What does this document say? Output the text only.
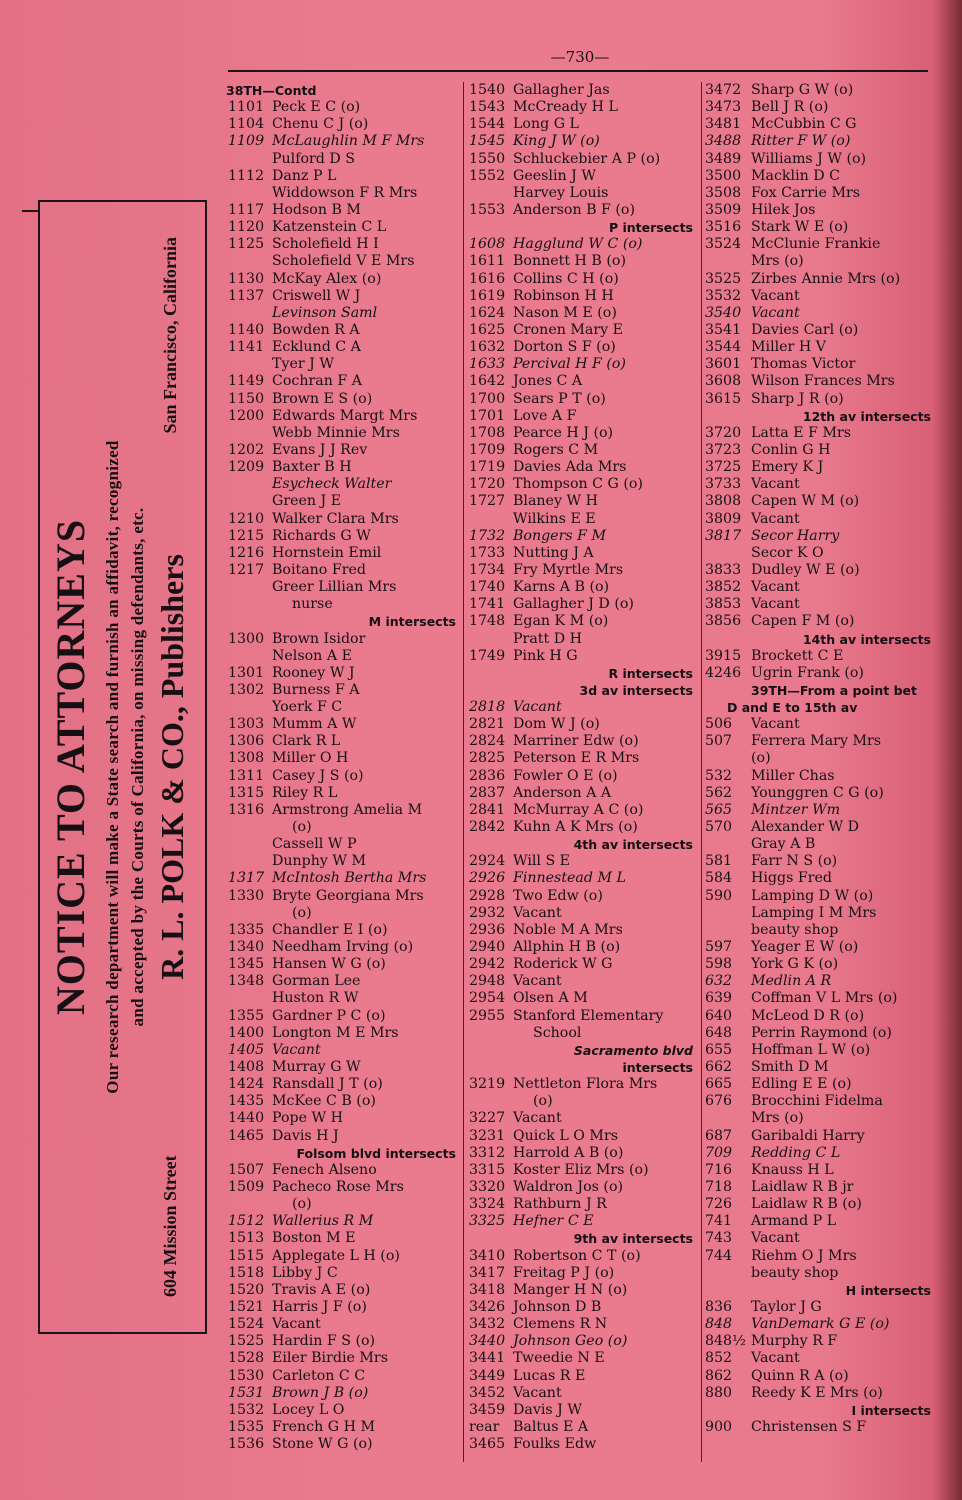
—730—
NOTICE TO ATTORNEYS Our research department will make a State search and furnish an affidavit, recognized and accepted by the Courts of California, on missing defendants, etc.
604 Mission Street
R. L. POLK & CO., Publishers
San Francisco, California
38TH—Contd
1101 Peck E C (o)
1104 Chenu C J (o)
1109 McLaughlin M F Mrs
Pulford D S
1112 Danz P L
Widdowson F R Mrs
1117 Hodson B M
1120 Katzenstein C L
1125 Scholefield H I
Scholefield V E Mrs
1130 McKay Alex (o)
1137 Criswell W J
Levinson Saml
1140 Bowden R A
1141 Ecklund C A
Tyer J W
1149 Cochran F A
1150 Brown E S (o)
1200 Edwards Margt Mrs
Webb Minnie Mrs
1202 Evans J J Rev
1209 Baxter B H
Esycheck Walter
Green J E
1210 Walker Clara Mrs
1215 Richards G W
1216 Hornstein Emil
1217 Boitano Fred
Greer Lillian Mrs
nurse
M intersects
1300 Brown Isidor
Nelson A E
1301 Rooney W J
1302 Burness F A
Yoerk F C
1303 Mumm A W
1306 Clark R L
1308 Miller O H
1311 Casey J S (o)
1315 Riley R L
1316 Armstrong Amelia M
(o)
Cassell W P
Dunphy W M
1317 McIntosh Bertha Mrs
1330 Bryte Georgiana Mrs
(o)
1335 Chandler E I (o)
1340 Needham Irving (o)
1345 Hansen W G (o)
1348 Gorman Lee
Huston R W
1355 Gardner P C (o)
1400 Longton M E Mrs
1405 Vacant
1408 Murray G W
1424 Ransdall J T (o)
1435 McKee C B (o)
1440 Pope W H
1465 Davis H J
Folsom blvd intersects
1507 Fenech Alseno
1509 Pacheco Rose Mrs
(o)
1512 Wallerius R M
1513 Boston M E
1515 Applegate L H (o)
1518 Libby J C
1520 Travis A E (o)
1521 Harris J F (o)
1524 Vacant
1525 Hardin F S (o)
1528 Eiler Birdie Mrs
1530 Carleton C C
1531 Brown J B (o)
1532 Locey L O
1535 French G H M
1536 Stone W G (o)
1540 Gallagher Jas
1543 McCready H L
1544 Long G L
1545 King J W (o)
1550 Schluckebier A P (o)
1552 Geeslin J W
Harvey Louis
1553 Anderson B F (o)
P intersects
1608 Hagglund W C (o)
1611 Bonnett H B (o)
1616 Collins C H (o)
1619 Robinson H H
1624 Nason M E (o)
1625 Cronen Mary E
1632 Dorton S F (o)
1633 Percival H F (o)
1642 Jones C A
1700 Sears P T (o)
1701 Love A F
1708 Pearce H J (o)
1709 Rogers C M
1719 Davies Ada Mrs
1720 Thompson C G (o)
1727 Blaney W H
Wilkins E E
1732 Bongers F M
1733 Nutting J A
1734 Fry Myrtle Mrs
1740 Karns A B (o)
1741 Gallagher J D (o)
1748 Egan K M (o)
Pratt D H
1749 Pink H G
R intersects
3d av intersects
2818 Vacant
2821 Dom W J (o)
2824 Marriner Edw (o)
2825 Peterson E R Mrs
2836 Fowler O E (o)
2837 Anderson A A
2841 McMurray A C (o)
2842 Kuhn A K Mrs (o)
4th av intersects
2924 Will S E
2926 Finnestead M L
2928 Two Edw (o)
2932 Vacant
2936 Noble M A Mrs
2940 Allphin H B (o)
2942 Roderick W G
2948 Vacant
2954 Olsen A M
2955 Stanford Elementary
School
Sacramento blvd
intersects
3219 Nettleton Flora Mrs
(o)
3227 Vacant
3231 Quick L O Mrs
3312 Harrold A B (o)
3315 Koster Eliz Mrs (o)
3320 Waldron Jos (o)
3324 Rathburn J R
3325 Hefner C E
9th av intersects
3410 Robertson C T (o)
3417 Freitag P J (o)
3418 Manger H N (o)
3426 Johnson D B
3432 Clemens R N
3440 Johnson Geo (o)
3441 Tweedie N E
3449 Lucas R E
3452 Vacant
3459 Davis J W
rear Baltus E A
3465 Foulks Edw
3472 Sharp G W (o)
3473 Bell J R (o)
3481 McCubbin C G
3488 Ritter F W (o)
3489 Williams J W (o)
3500 Macklin D C
3508 Fox Carrie Mrs
3509 Hilek Jos
3516 Stark W E (o)
3524 McClunie Frankie
Mrs (o)
3525 Zirbes Annie Mrs (o)
3532 Vacant
3540 Vacant
3541 Davies Carl (o)
3544 Miller H V
3601 Thomas Victor
3608 Wilson Frances Mrs
3615 Sharp J R (o)
12th av intersects
3720 Latta E F Mrs
3723 Conlin G H
3725 Emery K J
3733 Vacant
3808 Capen W M (o)
3809 Vacant
3817 Secor Harry
Secor K O
3833 Dudley W E (o)
3852 Vacant
3853 Vacant
3856 Capen F M (o)
14th av intersects
3915 Brockett C E
4246 Ugrin Frank (o)
39TH—From a point bet
D and E to 15th av
506	Vacant
507	Ferrera Mary Mrs
(o)
532	Miller Chas
562	Younggren C G (o)
565	Mintzer Wm
570	Alexander W D
Gray A B
581	Farr N S (o)
584	Higgs Fred
590	Lamping D W (o)
Lamping I M Mrs
beauty shop
597	Yeager E W (o)
598	York G K (o)
632	Medlin A R
639	Coffman V L Mrs (o)
640	McLeod D R (o)
648	Perrin Raymond (o)
655	Hoffman L W (o)
662	Smith D M
665	Edling E E (o)
676	Brocchini Fidelma
Mrs (o)
687	Garibaldi Harry
709	Redding C L
716	Knauss H L
718	Laidlaw R B jr
726	Laidlaw R B (o)
741	Armand P L
743	Vacant
744	Riehm O J Mrs
beauty shop
H intersects
836	Taylor J G
848	VanDemark G E (o)
848½ Murphy R F
852	Vacant
862	Quinn R A (o)
880	Reedy K E Mrs (o)
I intersects
900	Christensen S F
